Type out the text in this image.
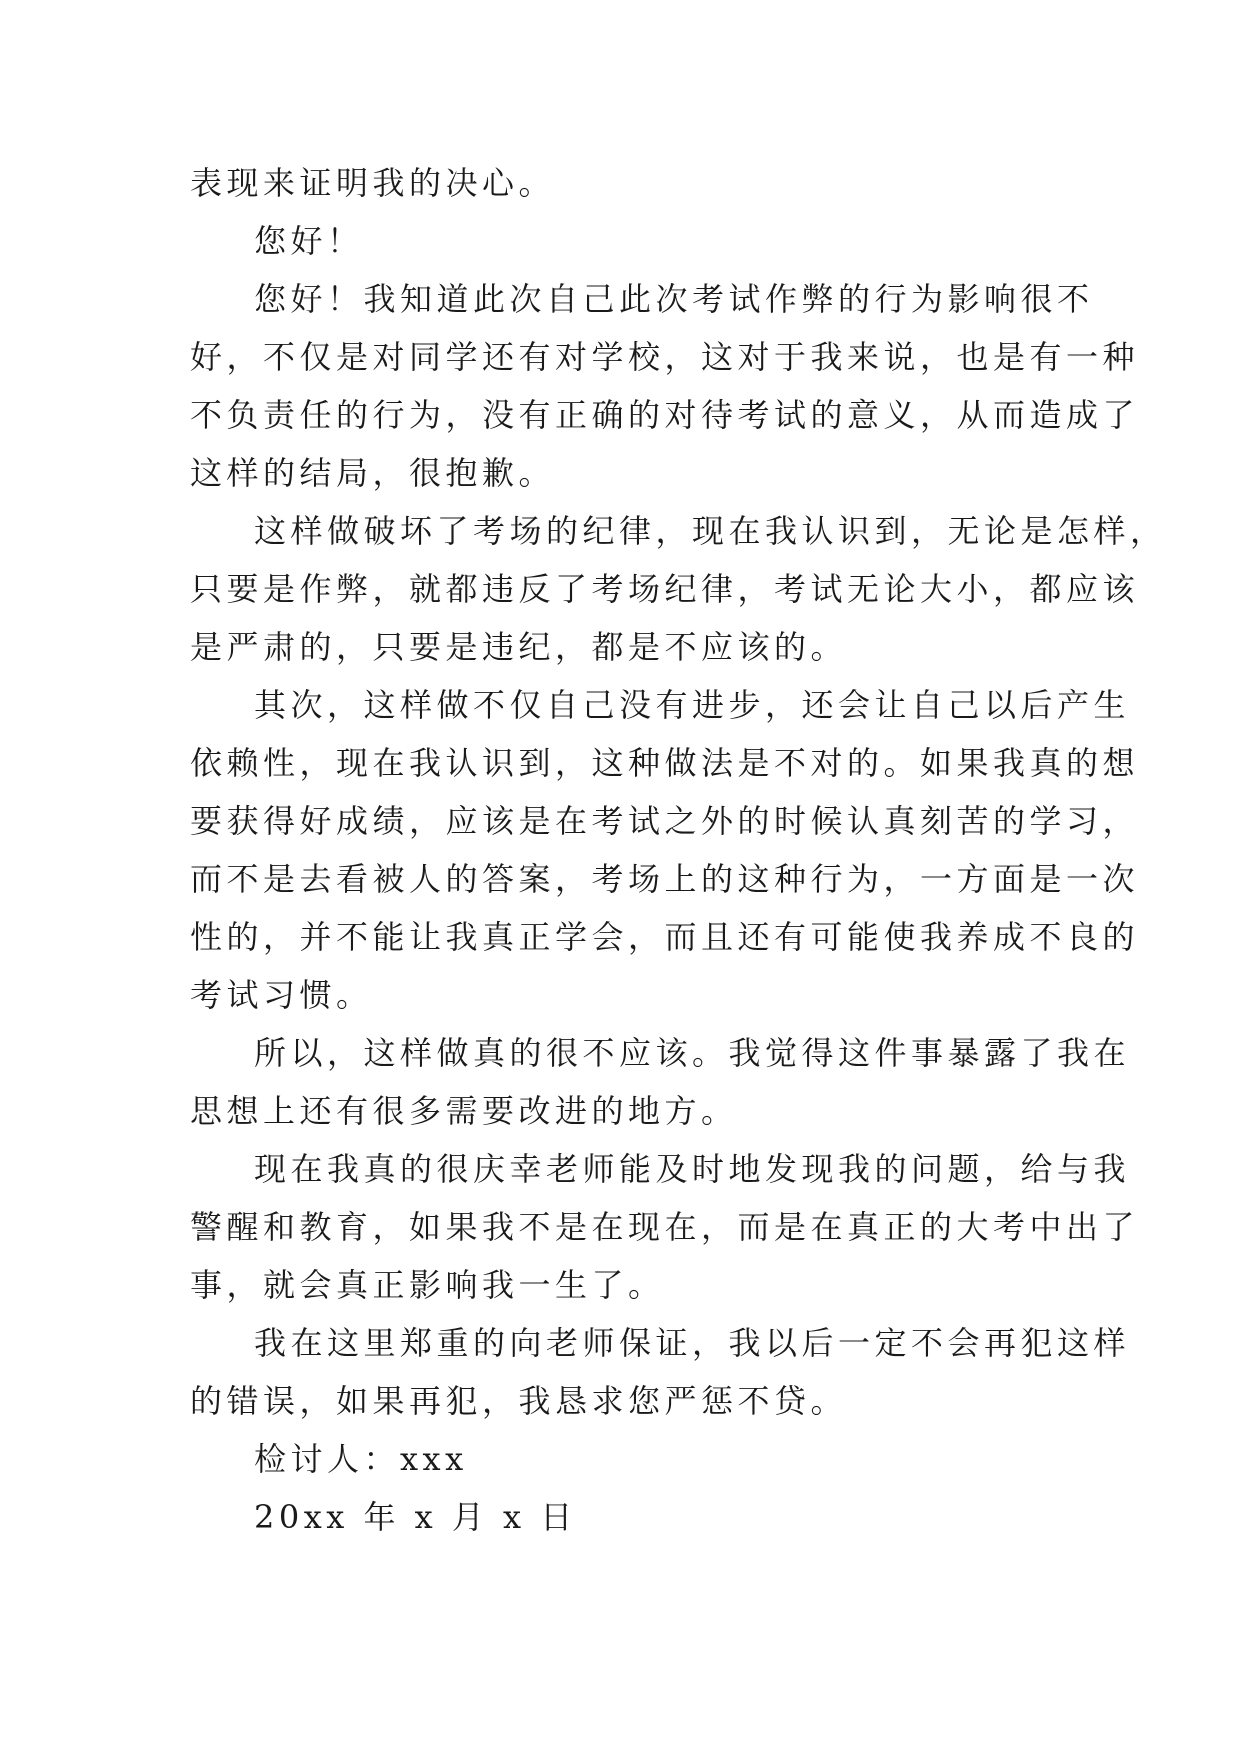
表现来证明我的决心。
您好！
您好！我知道此次自己此次考试作弊的行为影响很不
好，不仅是对同学还有对学校，这对于我来说，也是有一种
不负责任的行为，没有正确的对待考试的意义，从而造成了
这样的结局，很抱歉。
这样做破坏了考场的纪律，现在我认识到，无论是怎样，
只要是作弊，就都违反了考场纪律，考试无论大小，都应该
是严肃的，只要是违纪，都是不应该的。
其次，这样做不仅自己没有进步，还会让自己以后产生
依赖性，现在我认识到，这种做法是不对的。如果我真的想
要获得好成绩，应该是在考试之外的时候认真刻苦的学习，
而不是去看被人的答案，考场上的这种行为，一方面是一次
性的，并不能让我真正学会，而且还有可能使我养成不良的
考试习惯。
所以，这样做真的很不应该。我觉得这件事暴露了我在
思想上还有很多需要改进的地方。
现在我真的很庆幸老师能及时地发现我的问题，给与我
警醒和教育，如果我不是在现在，而是在真正的大考中出了
事，就会真正影响我一生了。
我在这里郑重的向老师保证，我以后一定不会再犯这样
的错误，如果再犯，我恳求您严惩不贷。
检讨人：xxx
20xx 年 x 月 x 日
